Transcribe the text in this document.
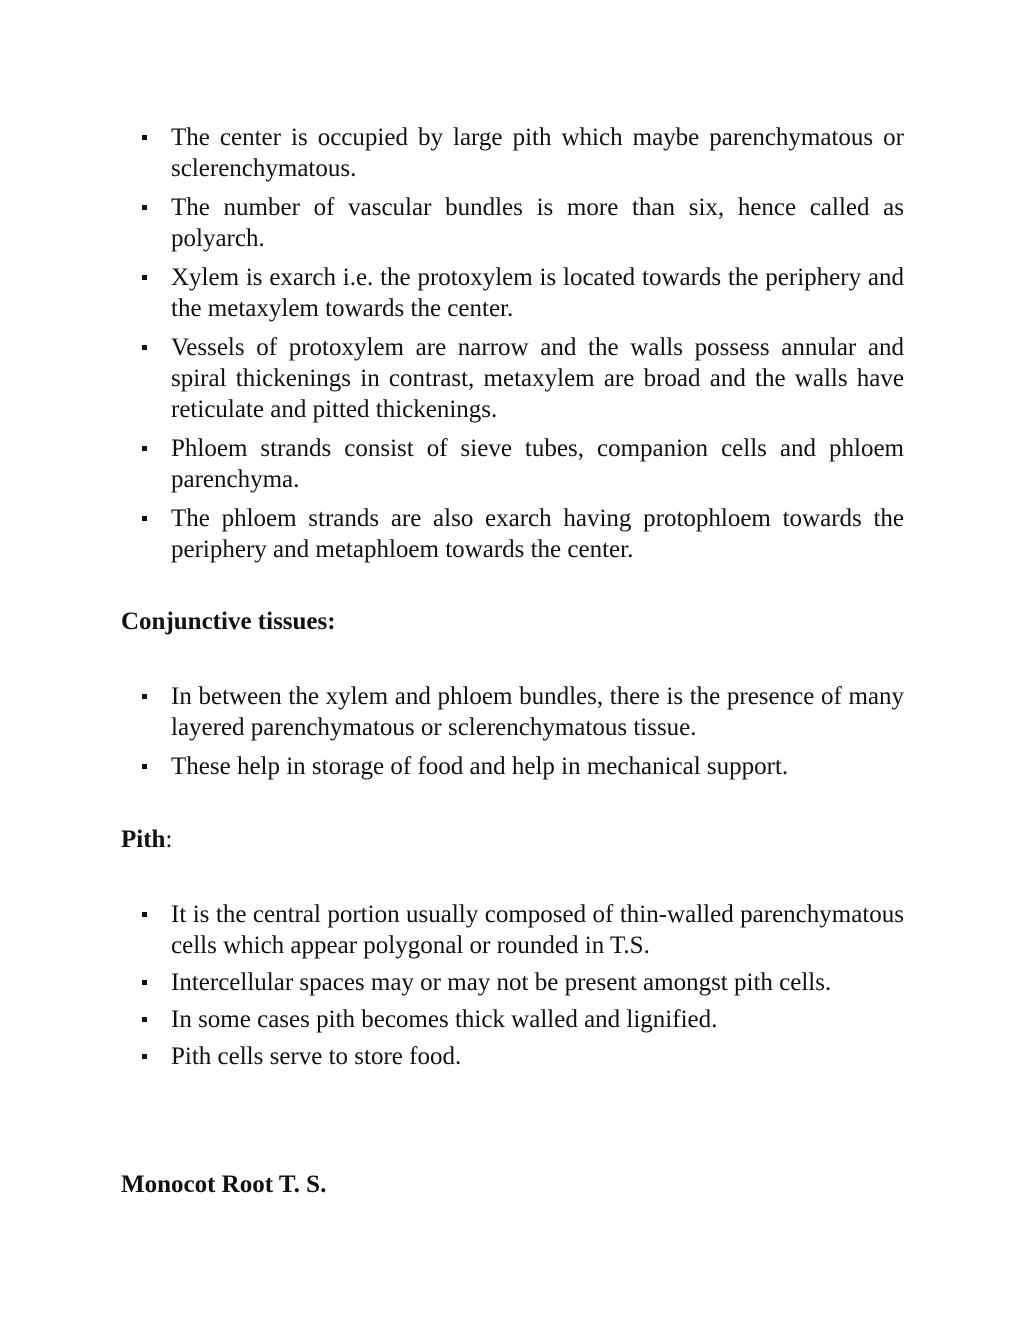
The center is occupied by large pith which maybe parenchymatous or sclerenchymatous.
The number of vascular bundles is more than six, hence called as polyarch.
Xylem is exarch i.e. the protoxylem is located towards the periphery and the metaxylem towards the center.
Vessels of protoxylem are narrow and the walls possess annular and spiral thickenings in contrast, metaxylem are broad and the walls have reticulate and pitted thickenings.
Phloem strands consist of sieve tubes, companion cells and phloem parenchyma.
The phloem strands are also exarch having protophloem towards the periphery and metaphloem towards the center.
Conjunctive tissues:
In between the xylem and phloem bundles, there is the presence of many layered parenchymatous or sclerenchymatous tissue.
These help in storage of food and help in mechanical support.
Pith:
It is the central portion usually composed of thin-walled parenchymatous cells which appear polygonal or rounded in T.S.
Intercellular spaces may or may not be present amongst pith cells.
In some cases pith becomes thick walled and lignified.
Pith cells serve to store food.
Monocot Root T. S.
